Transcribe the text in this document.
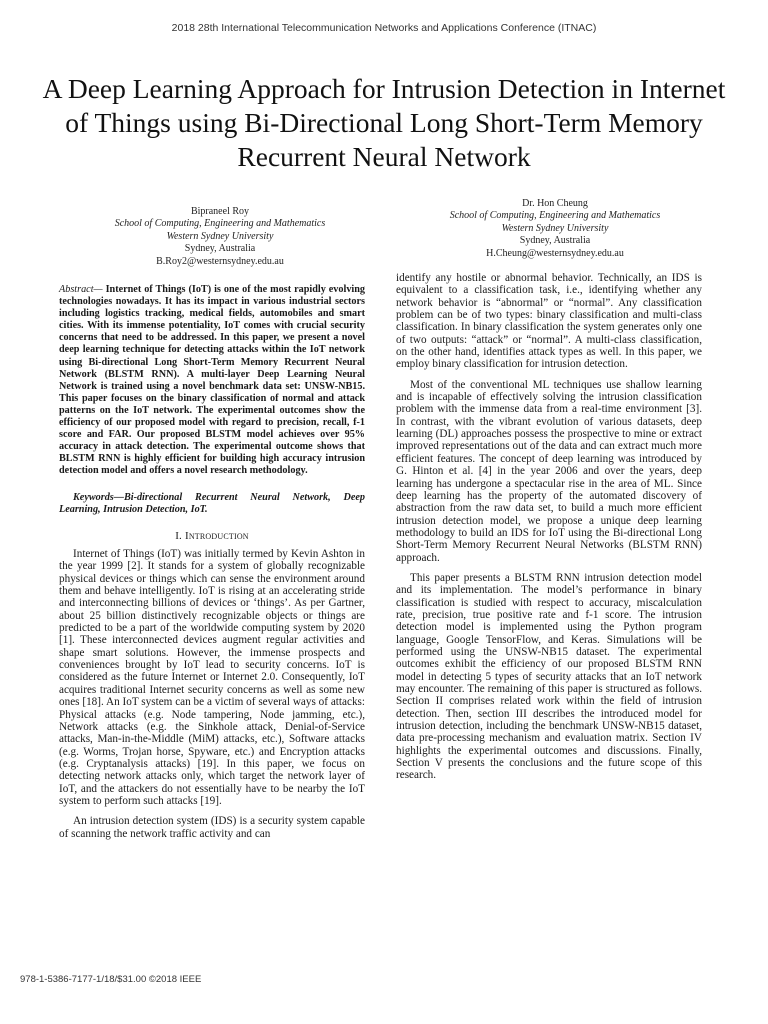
2018 28th International Telecommunication Networks and Applications Conference (ITNAC)
A Deep Learning Approach for Intrusion Detection in Internet of Things using Bi-Directional Long Short-Term Memory Recurrent Neural Network
Bipraneel Roy
School of Computing, Engineering and Mathematics
Western Sydney University
Sydney, Australia
B.Roy2@westernsydney.edu.au
Dr. Hon Cheung
School of Computing, Engineering and Mathematics
Western Sydney University
Sydney, Australia
H.Cheung@westernsydney.edu.au

Abstract— Internet of Things (IoT) is one of the most rapidly evolving technologies nowadays. It has its impact in various industrial sectors including logistics tracking, medical fields, automobiles and smart cities. With its immense potentiality, IoT comes with crucial security concerns that need to be addressed. In this paper, we present a novel deep learning technique for detecting attacks within the IoT network using Bi-directional Long Short-Term Memory Recurrent Neural Network (BLSTM RNN). A multi-layer Deep Learning Neural Network is trained using a novel benchmark data set: UNSW-NB15. This paper focuses on the binary classification of normal and attack patterns on the IoT network. The experimental outcomes show the efficiency of our proposed model with regard to precision, recall, f-1 score and FAR. Our proposed BLSTM model achieves over 95% accuracy in attack detection. The experimental outcome shows that BLSTM RNN is highly efficient for building high accuracy intrusion detection model and offers a novel research methodology.

Keywords—Bi-directional Recurrent Neural Network, Deep Learning, Intrusion Detection, IoT.

I. Introduction

Internet of Things (IoT) was initially termed by Kevin Ashton in the year 1999 [2]. It stands for a system of globally recognizable physical devices or things which can sense the environment around them and behave intelligently. IoT is rising at an accelerating stride and interconnecting billions of devices or ‘things’. As per Gartner, about 25 billion distinctively recognizable objects or things are predicted to be a part of the worldwide computing system by 2020 [1]. These interconnected devices augment regular activities and shape smart solutions. However, the immense prospects and conveniences brought by IoT lead to security concerns. IoT is considered as the future Internet or Internet 2.0. Consequently, IoT acquires traditional Internet security concerns as well as some new ones [18]. An IoT system can be a victim of several ways of attacks: Physical attacks (e.g. Node tampering, Node jamming, etc.), Network attacks (e.g. the Sinkhole attack, Denial-of-Service attacks, Man-in-the-Middle (MiM) attacks, etc.), Software attacks (e.g. Worms, Trojan horse, Spyware, etc.) and Encryption attacks (e.g. Cryptanalysis attacks) [19]. In this paper, we focus on detecting network attacks only, which target the network layer of IoT, and the attackers do not essentially have to be nearby the IoT system to perform such attacks [19].

An intrusion detection system (IDS) is a security system capable of scanning the network traffic activity and can

identify any hostile or abnormal behavior. Technically, an IDS is equivalent to a classification task, i.e., identifying whether any network behavior is “abnormal” or “normal”. Any classification problem can be of two types: binary classification and multi-class classification. In binary classification the system generates only one of two outputs: “attack” or “normal”. A multi-class classification, on the other hand, identifies attack types as well. In this paper, we employ binary classification for intrusion detection.

Most of the conventional ML techniques use shallow learning and is incapable of effectively solving the intrusion classification problem with the immense data from a real-time environment [3]. In contrast, with the vibrant evolution of various datasets, deep learning (DL) approaches possess the prospective to mine or extract improved representations out of the data and can extract much more efficient features. The concept of deep learning was introduced by G. Hinton et al. [4] in the year 2006 and over the years, deep learning has undergone a spectacular rise in the area of ML. Since deep learning has the property of the automated discovery of abstraction from the raw data set, to build a much more efficient intrusion detection model, we propose a unique deep learning methodology to build an IDS for IoT using the Bi-directional Long Short-Term Memory Recurrent Neural Networks (BLSTM RNN) approach.

This paper presents a BLSTM RNN intrusion detection model and its implementation. The model’s performance in binary classification is studied with respect to accuracy, miscalculation rate, precision, true positive rate and f-1 score. The intrusion detection model is implemented using the Python program language, Google TensorFlow, and Keras. Simulations will be performed using the UNSW-NB15 dataset. The experimental outcomes exhibit the efficiency of our proposed BLSTM RNN model in detecting 5 types of security attacks that an IoT network may encounter. The remaining of this paper is structured as follows. Section II comprises related work within the field of intrusion detection. Then, section III describes the introduced model for intrusion detection, including the benchmark UNSW-NB15 dataset, data pre-processing mechanism and evaluation matrix. Section IV highlights the experimental outcomes and discussions. Finally, Section V presents the conclusions and the future scope of this research.

978-1-5386-7177-1/18/$31.00 ©2018 IEEE
